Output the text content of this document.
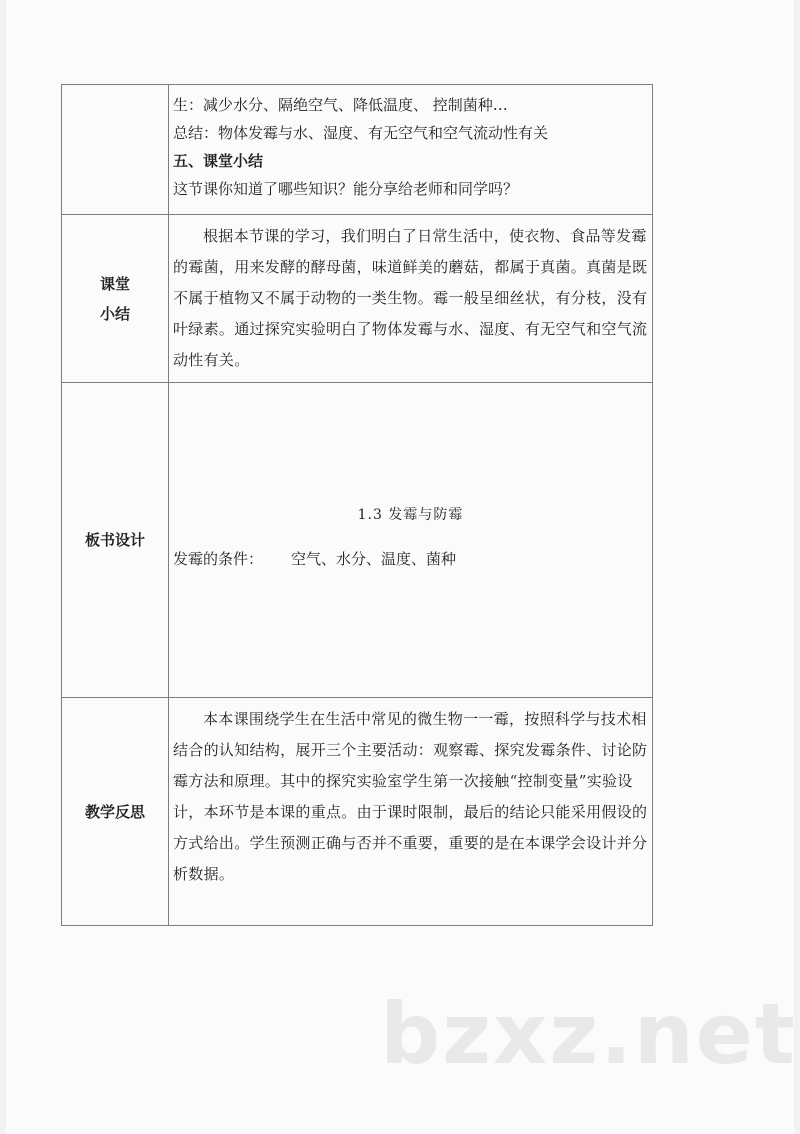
	生：减少水分、隔绝空气、降低温度、 控制菌种…
总结：物体发霉与水、湿度、有无空气和空气流动性有关
五、课堂小结
这节课你知道了哪些知识？能分享给老师和同学吗？

课堂
小结	根据本节课的学习，我们明白了日常生活中，使衣物、食品等发霉的霉菌，用来发酵的酵母菌，味道鲜美的蘑菇，都属于真菌。真菌是既不属于植物又不属于动物的一类生物。霉一般呈细丝状，有分枝，没有叶绿素。通过探究实验明白了物体发霉与水、湿度、有无空气和空气流动性有关。

板书设计	1.3 发霉与防霉
发霉的条件： 空气、水分、温度、菌种

教学反思	本本课围绕学生在生活中常见的微生物一一霉，按照科学与技术相结合的认知结构，展开三个主要活动：观察霉、探究发霉条件、讨论防霉方法和原理。其中的探究实验室学生第一次接触“控制变量”实验设计，本环节是本课的重点。由于课时限制，最后的结论只能采用假设的方式给出。学生预测正确与否并不重要，重要的是在本课学会设计并分析数据。
bzxz.net
